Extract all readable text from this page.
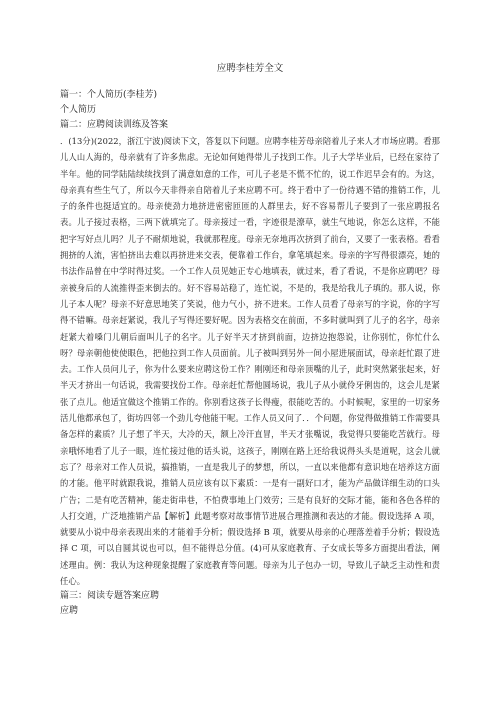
应聘李桂芳全文

篇一：个人简历(李桂芳)

个人简历

篇二：应聘阅读训练及答案

．(13分)(2022，浙江宁波)阅读下文，答复以下问题。应聘李桂芳母亲陪着儿子来人才市场应聘。看那儿人山人海的，母亲就有了许多焦虑。无论如何她得带儿子找到工作。儿子大学毕业后，已经在家待了半年。他的同学陆陆续续找到了满意如意的工作，可儿子老是不慌不忙的，说工作迟早会有的。为这，母亲真有些生气了，所以今天非得亲自陪着儿子来应聘不可。终于看中了一份待遇不错的推销工作，儿子的条件也挺适宜的。母亲使劲力地挤进密密匝匝的人群里去，好不容易帮儿子要到了一张应聘报名表。儿子接过表格，三两下就填完了。母亲接过一看，字迹很是潦草，就生气地说，你怎么这样，不能把字写好点儿吗？儿子不耐烦地说，我就那程度。母亲无奈地再次挤到了前台，又要了一张表格。看看拥挤的人流，害怕挤出去难以再挤进来交表，便靠着工作台，拿笔填起来。母亲的字写得很漂亮，她的书法作品曾在中学时得过奖。一个工作人员见她正专心地填表，就过来，看了看说，不是你应聘吧？母亲被身后的人流推得歪来倒去的。好不容易站稳了，连忙说，不是的，我是给我儿子填的。那人说，你儿子本人呢？母亲不好意思地笑了笑说，他力气小，挤不进来。工作人员看了母亲写的字说，你的字写得不错嘛。母亲赶紧说，我儿子写得还要好呢。因为表格交在前面，不多时就叫到了儿子的名字，母亲赶紧大着嗓门儿朝后面叫儿子的名字。儿子好半天才挤到前面，边挤边抱怨说，让你别忙，你忙什么呀？母亲朝他使使眼色，把他拉到工作人员面前。儿子被叫到另外一间小屋进展面试，母亲赶忙跟了进去。工作人员问儿子，你为什么要来应聘这份工作？刚刚还和母亲顶嘴的儿子，此时突然紧张起来，好半天才挤出一句话说，我需要找份工作。母亲赶忙帮他圆场说，我儿子从小就伶牙俐齿的，这会儿是紧张了点儿。他适宜做这个推销工作的。你别看这孩子长得瘦，很能吃苦的。小时候呢，家里的一切家务活儿他都承包了，街坊四邻一个劲儿夸他能干呢。工作人员又问了．．个问题，你觉得做推销工作需要具备怎样的素质？儿子想了半天，大冷的天，额上冷汗直冒，半天才张嘴说，我觉得只要能吃苦就行。母亲哦怀地看了儿子一眼，连忙接过他的话头说，这孩子，刚刚在路上还给我说得头头是道呢，这会儿就忘了？母亲对工作人员说，搞推销，一直是我儿子的梦想，所以，一直以来他都有意识地在培养这方面的才能。他平时就跟我说，推销人员应该有以下素质：一是有一副好口才，能为产品做详细生动的口头广告；二是有吃苦精神，能走街串巷，不怕费事地上门效劳；三是有良好的交际才能，能和各色各样的人打交道，广泛地推销产品【解析】此题考察对故事情节进展合理推测和表达的才能。假设选择 A 项，就要从小说中母亲表现出来的才能着手分析；假设选择 B 项，就要从母亲的心理落差着手分析；假设选择 C 项，可以自圆其说也可以，但不能得总分值。(4)可从家庭教育、子女成长等多方面提出看法，阐述理由。例：我认为这种现象提醒了家庭教育等问题。母亲为儿子包办一切，导致儿子缺乏主动性和责任心。

篇三：阅读专题答案应聘

应聘
